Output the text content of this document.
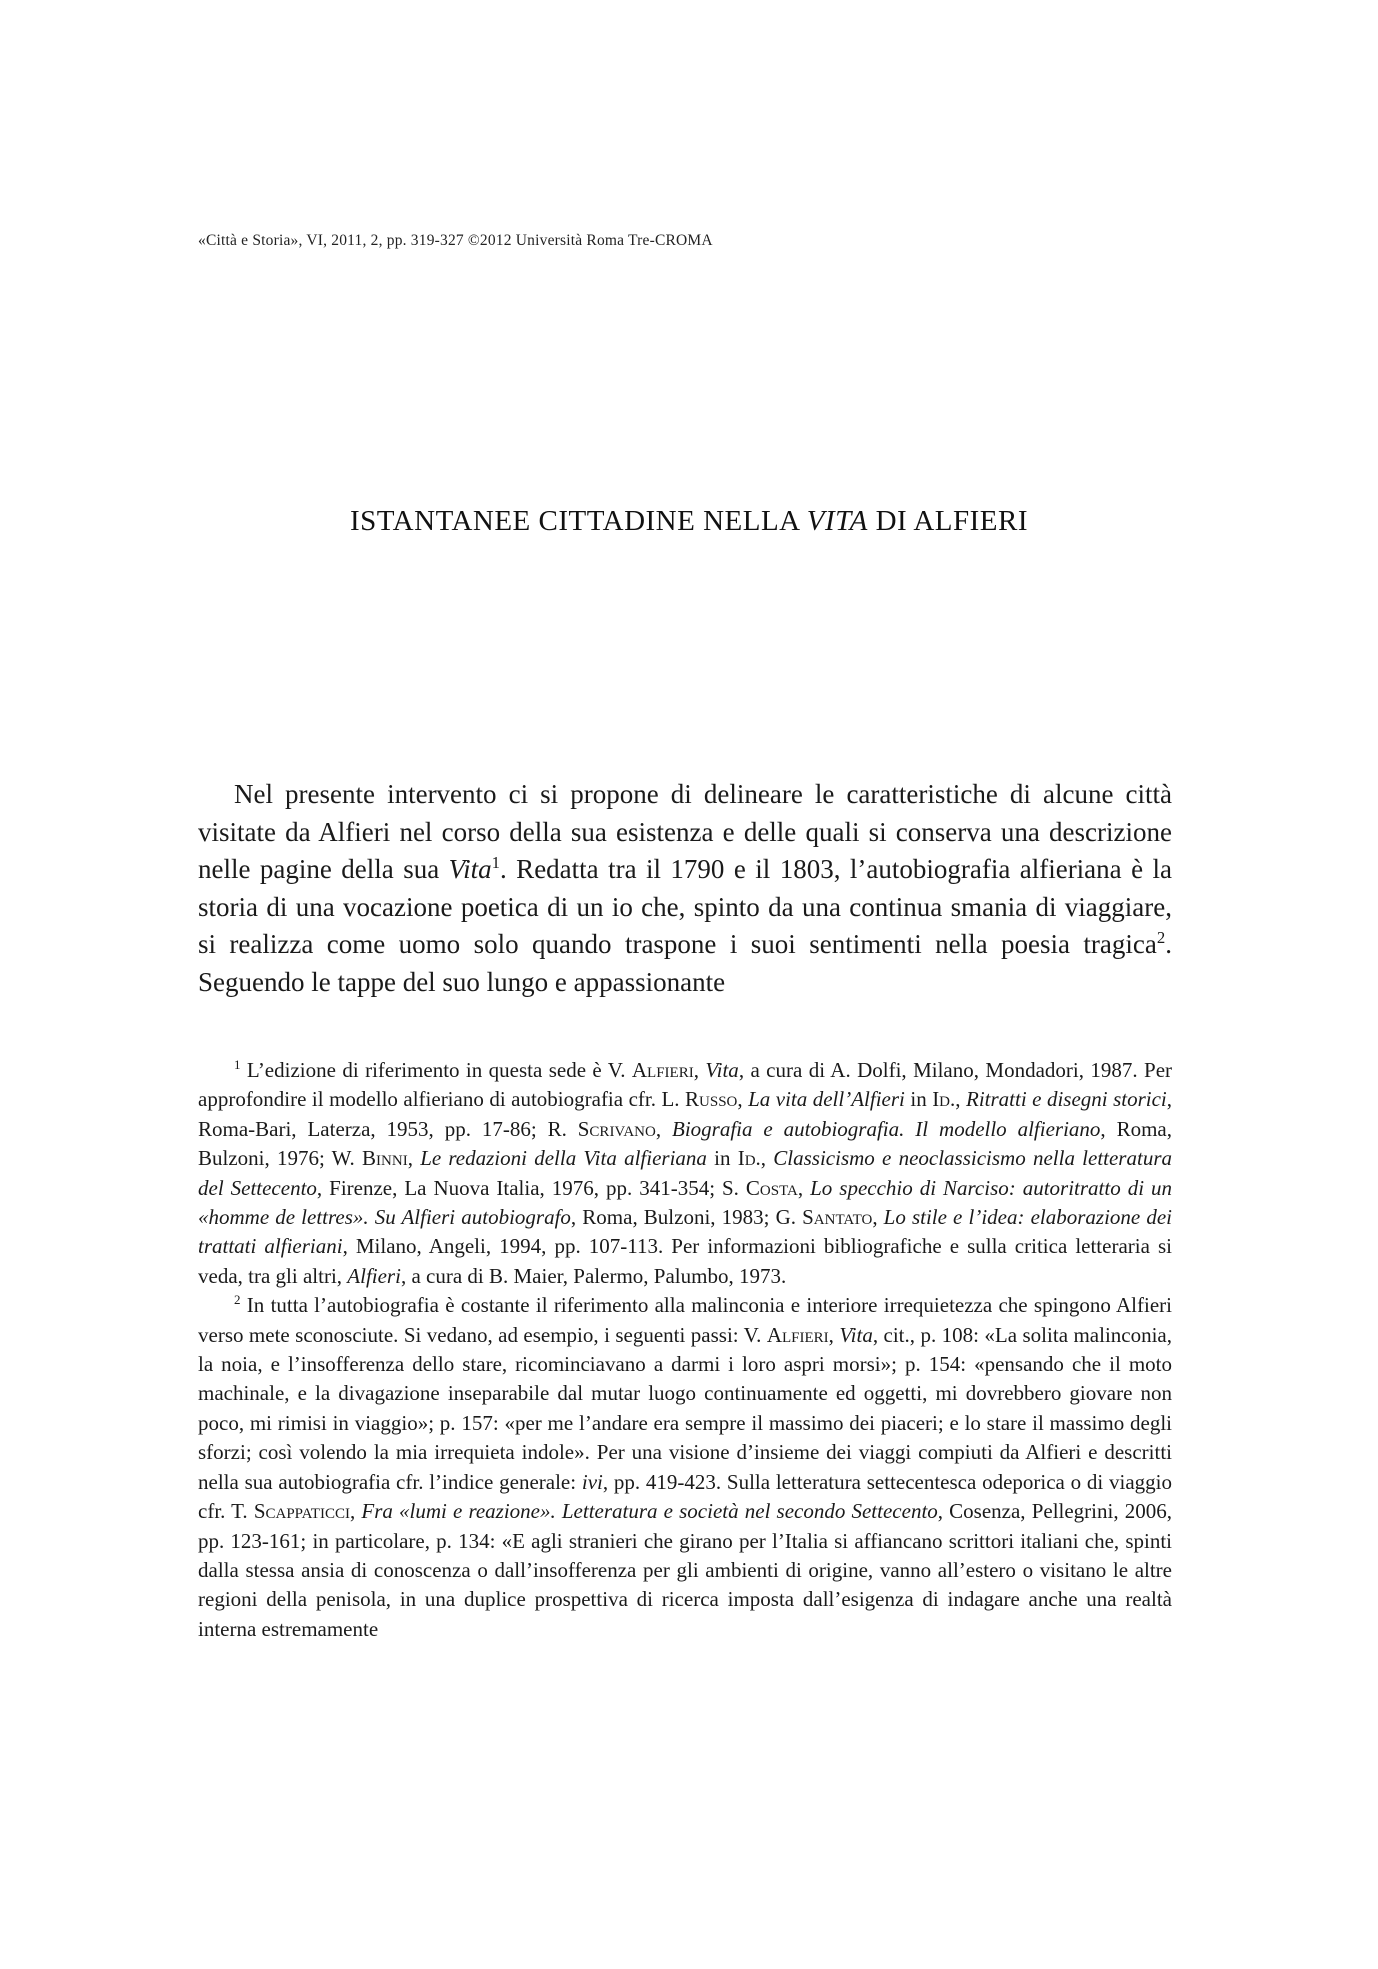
«Città e Storia», VI, 2011, 2, pp. 319-327 ©2012 Università Roma Tre-CROMA
ISTANTANEE CITTADINE NELLA VITA DI ALFIERI

Nel presente intervento ci si propone di delineare le caratteristiche di alcune città visitate da Alfieri nel corso della sua esistenza e delle quali si conserva una descrizione nelle pagine della sua Vita$^1$. Redatta tra il 1790 e il 1803, l’autobiografia alfieriana è la storia di una vocazione poetica di un io che, spinto da una continua smania di viaggiare, si realizza come uomo solo quando traspone i suoi sentimenti nella poesia tragica$^2$. Seguendo le tappe del suo lungo e appassionante

$^1$ L’edizione di riferimento in questa sede è V. Alfieri, Vita, a cura di A. Dolfi, Milano, Mondadori, 1987. Per approfondire il modello alfieriano di autobiografia cfr. L. Russo, La vita dell’Alfieri in Id., Ritratti e disegni storici, Roma-Bari, Laterza, 1953, pp. 17-86; R. Scrivano, Biografia e autobiografia. Il modello alfieriano, Roma, Bulzoni, 1976; W. Binni, Le redazioni della Vita alfieriana in Id., Classicismo e neoclassicismo nella letteratura del Settecento, Firenze, La Nuova Italia, 1976, pp. 341-354; S. Costa, Lo specchio di Narciso: autoritratto di un «homme de lettres». Su Alfieri autobiografo, Roma, Bulzoni, 1983; G. Santato, Lo stile e l’idea: elaborazione dei trattati alfieriani, Milano, Angeli, 1994, pp. 107-113. Per informazioni bibliografiche e sulla critica letteraria si veda, tra gli altri, Alfieri, a cura di B. Maier, Palermo, Palumbo, 1973.

$^2$ In tutta l’autobiografia è costante il riferimento alla malinconia e interiore irrequietezza che spingono Alfieri verso mete sconosciute. Si vedano, ad esempio, i seguenti passi: V. Alfieri, Vita, cit., p. 108: «La solita malinconia, la noia, e l’insofferenza dello stare, ricominciavano a darmi i loro aspri morsi»; p. 154: «pensando che il moto machinale, e la divagazione inseparabile dal mutar luogo continuamente ed oggetti, mi dovrebbero giovare non poco, mi rimisi in viaggio»; p. 157: «per me l’andare era sempre il massimo dei piaceri; e lo stare il massimo degli sforzi; così volendo la mia irrequieta indole». Per una visione d’insieme dei viaggi compiuti da Alfieri e descritti nella sua autobiografia cfr. l’indice generale: ivi, pp. 419-423. Sulla letteratura settecentesca odeporica o di viaggio cfr. T. Scappaticci, Fra «lumi e reazione». Letteratura e società nel secondo Settecento, Cosenza, Pellegrini, 2006, pp. 123-161; in particolare, p. 134: «E agli stranieri che girano per l’Italia si affiancano scrittori italiani che, spinti dalla stessa ansia di conoscenza o dall’insofferenza per gli ambienti di origine, vanno all’estero o visitano le altre regioni della penisola, in una duplice prospettiva di ricerca imposta dall’esigenza di indagare anche una realtà interna estremamente
